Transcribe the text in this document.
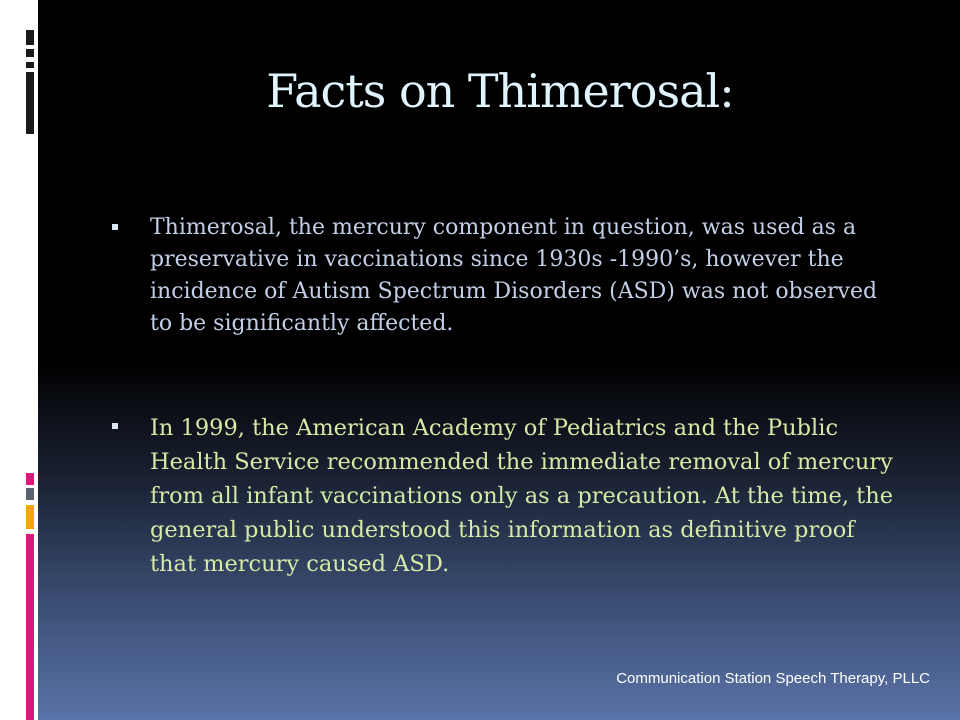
Facts on Thimerosal:
Thimerosal, the mercury component in question, was used as a preservative in vaccinations since 1930s -1990’s, however the incidence of Autism Spectrum Disorders (ASD) was not observed to be significantly affected.
In 1999, the American Academy of Pediatrics and the Public Health Service recommended the immediate removal of mercury from all infant vaccinations only as a precaution. At the time, the general public understood this information as definitive proof that mercury caused ASD.
Communication Station Speech Therapy, PLLC
